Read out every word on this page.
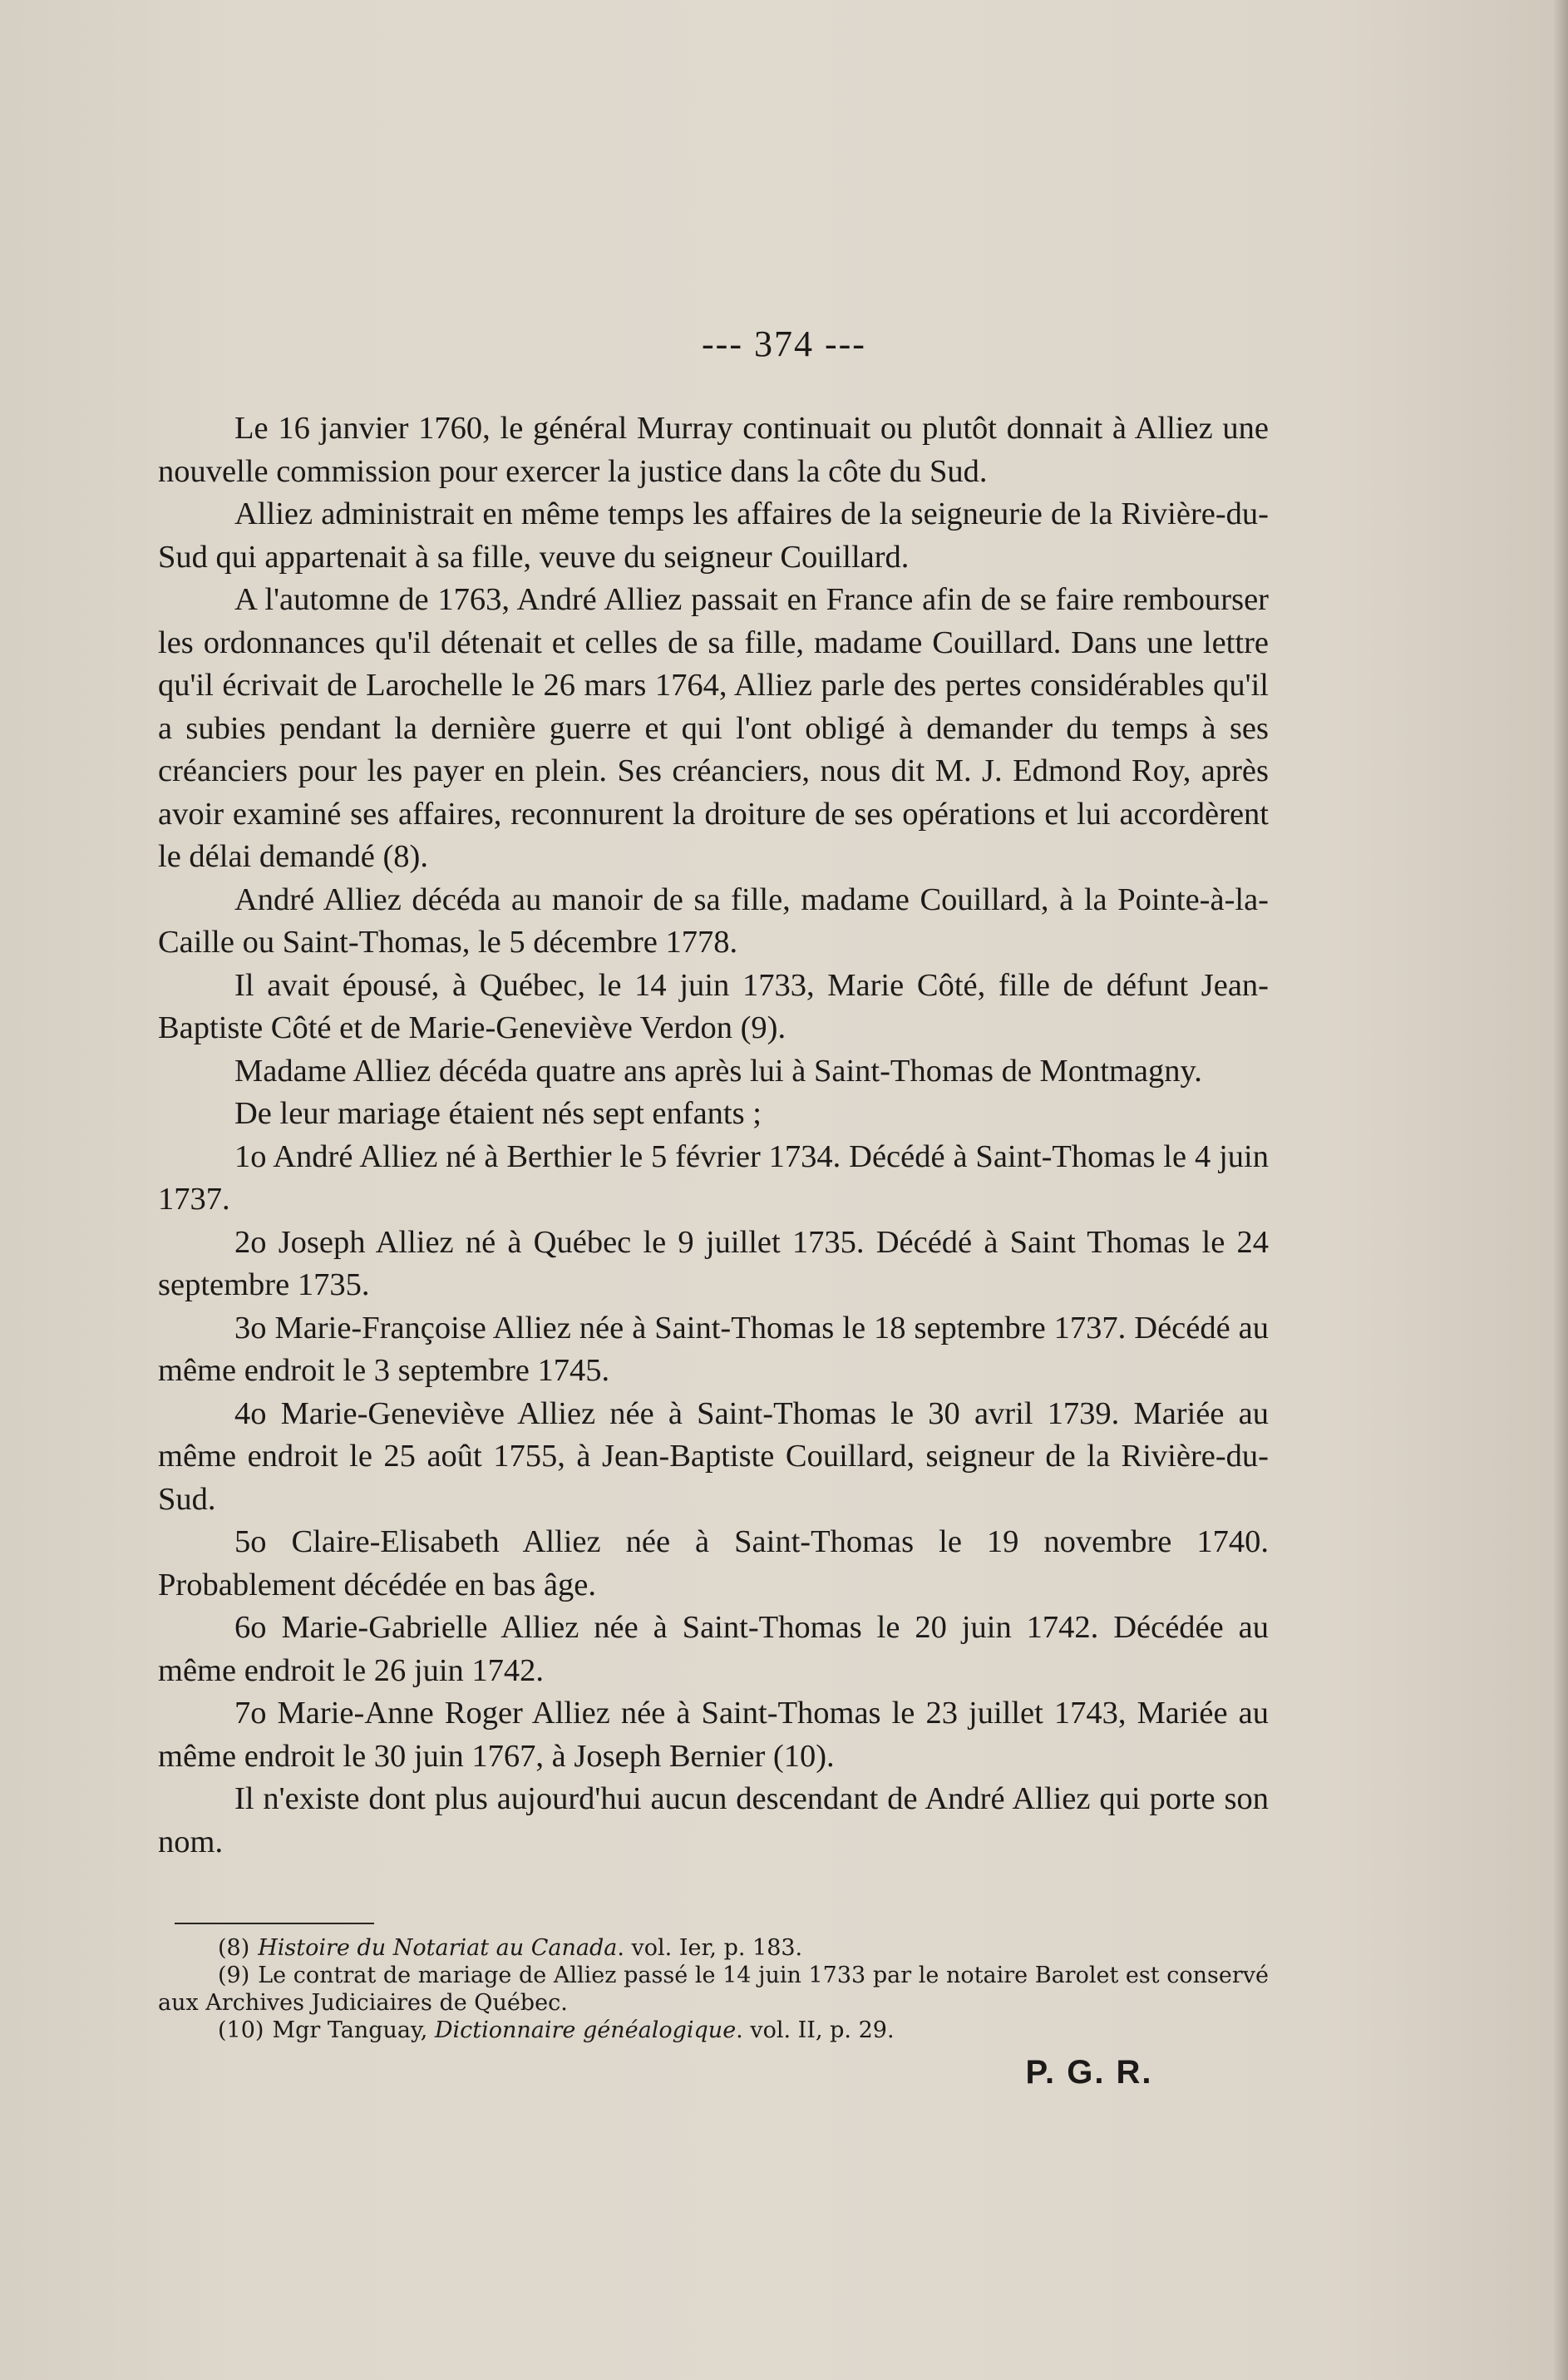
--- 374 ---

Le 16 janvier 1760, le général Murray continuait ou plutôt donnait à Alliez une nouvelle commission pour exercer la justice dans la côte du Sud.

Alliez administrait en même temps les affaires de la seigneurie de la Rivière-du-Sud qui appartenait à sa fille, veuve du seigneur Couillard.

A l'automne de 1763, André Alliez passait en France afin de se faire rembourser les ordonnances qu'il détenait et celles de sa fille, madame Couillard. Dans une lettre qu'il écrivait de Larochelle le 26 mars 1764, Alliez parle des pertes considérables qu'il a subies pendant la dernière guerre et qui l'ont obligé à demander du temps à ses créanciers pour les payer en plein. Ses créanciers, nous dit M. J. Edmond Roy, après avoir examiné ses affaires, reconnurent la droiture de ses opérations et lui accordèrent le délai demandé (8).

André Alliez décéda au manoir de sa fille, madame Couillard, à la Pointe-à-la-Caille ou Saint-Thomas, le 5 décembre 1778.

Il avait épousé, à Québec, le 14 juin 1733, Marie Côté, fille de défunt Jean-Baptiste Côté et de Marie-Geneviève Verdon (9).

Madame Alliez décéda quatre ans après lui à Saint-Thomas de Montmagny.

De leur mariage étaient nés sept enfants ;

1o André Alliez né à Berthier le 5 février 1734. Décédé à Saint-Thomas le 4 juin 1737.

2o Joseph Alliez né à Québec le 9 juillet 1735. Décédé à Saint Thomas le 24 septembre 1735.

3o Marie-Françoise Alliez née à Saint-Thomas le 18 septembre 1737. Décédé au même endroit le 3 septembre 1745.

4o Marie-Geneviève Alliez née à Saint-Thomas le 30 avril 1739. Mariée au même endroit le 25 août 1755, à Jean-Baptiste Couillard, seigneur de la Rivière-du-Sud.

5o Claire-Elisabeth Alliez née à Saint-Thomas le 19 novembre 1740. Probablement décédée en bas âge.

6o Marie-Gabrielle Alliez née à Saint-Thomas le 20 juin 1742. Décédée au même endroit le 26 juin 1742.

7o Marie-Anne Roger Alliez née à Saint-Thomas le 23 juillet 1743, Mariée au même endroit le 30 juin 1767, à Joseph Bernier (10).

Il n'existe dont plus aujourd'hui aucun descendant de André Alliez qui porte son nom.

(8) Histoire du Notariat au Canada. vol. Ier, p. 183.
(9) Le contrat de mariage de Alliez passé le 14 juin 1733 par le notaire Barolet est conservé aux Archives Judiciaires de Québec.
(10) Mgr Tanguay, Dictionnaire généalogique. vol. II, p. 29.
P. G. R.
